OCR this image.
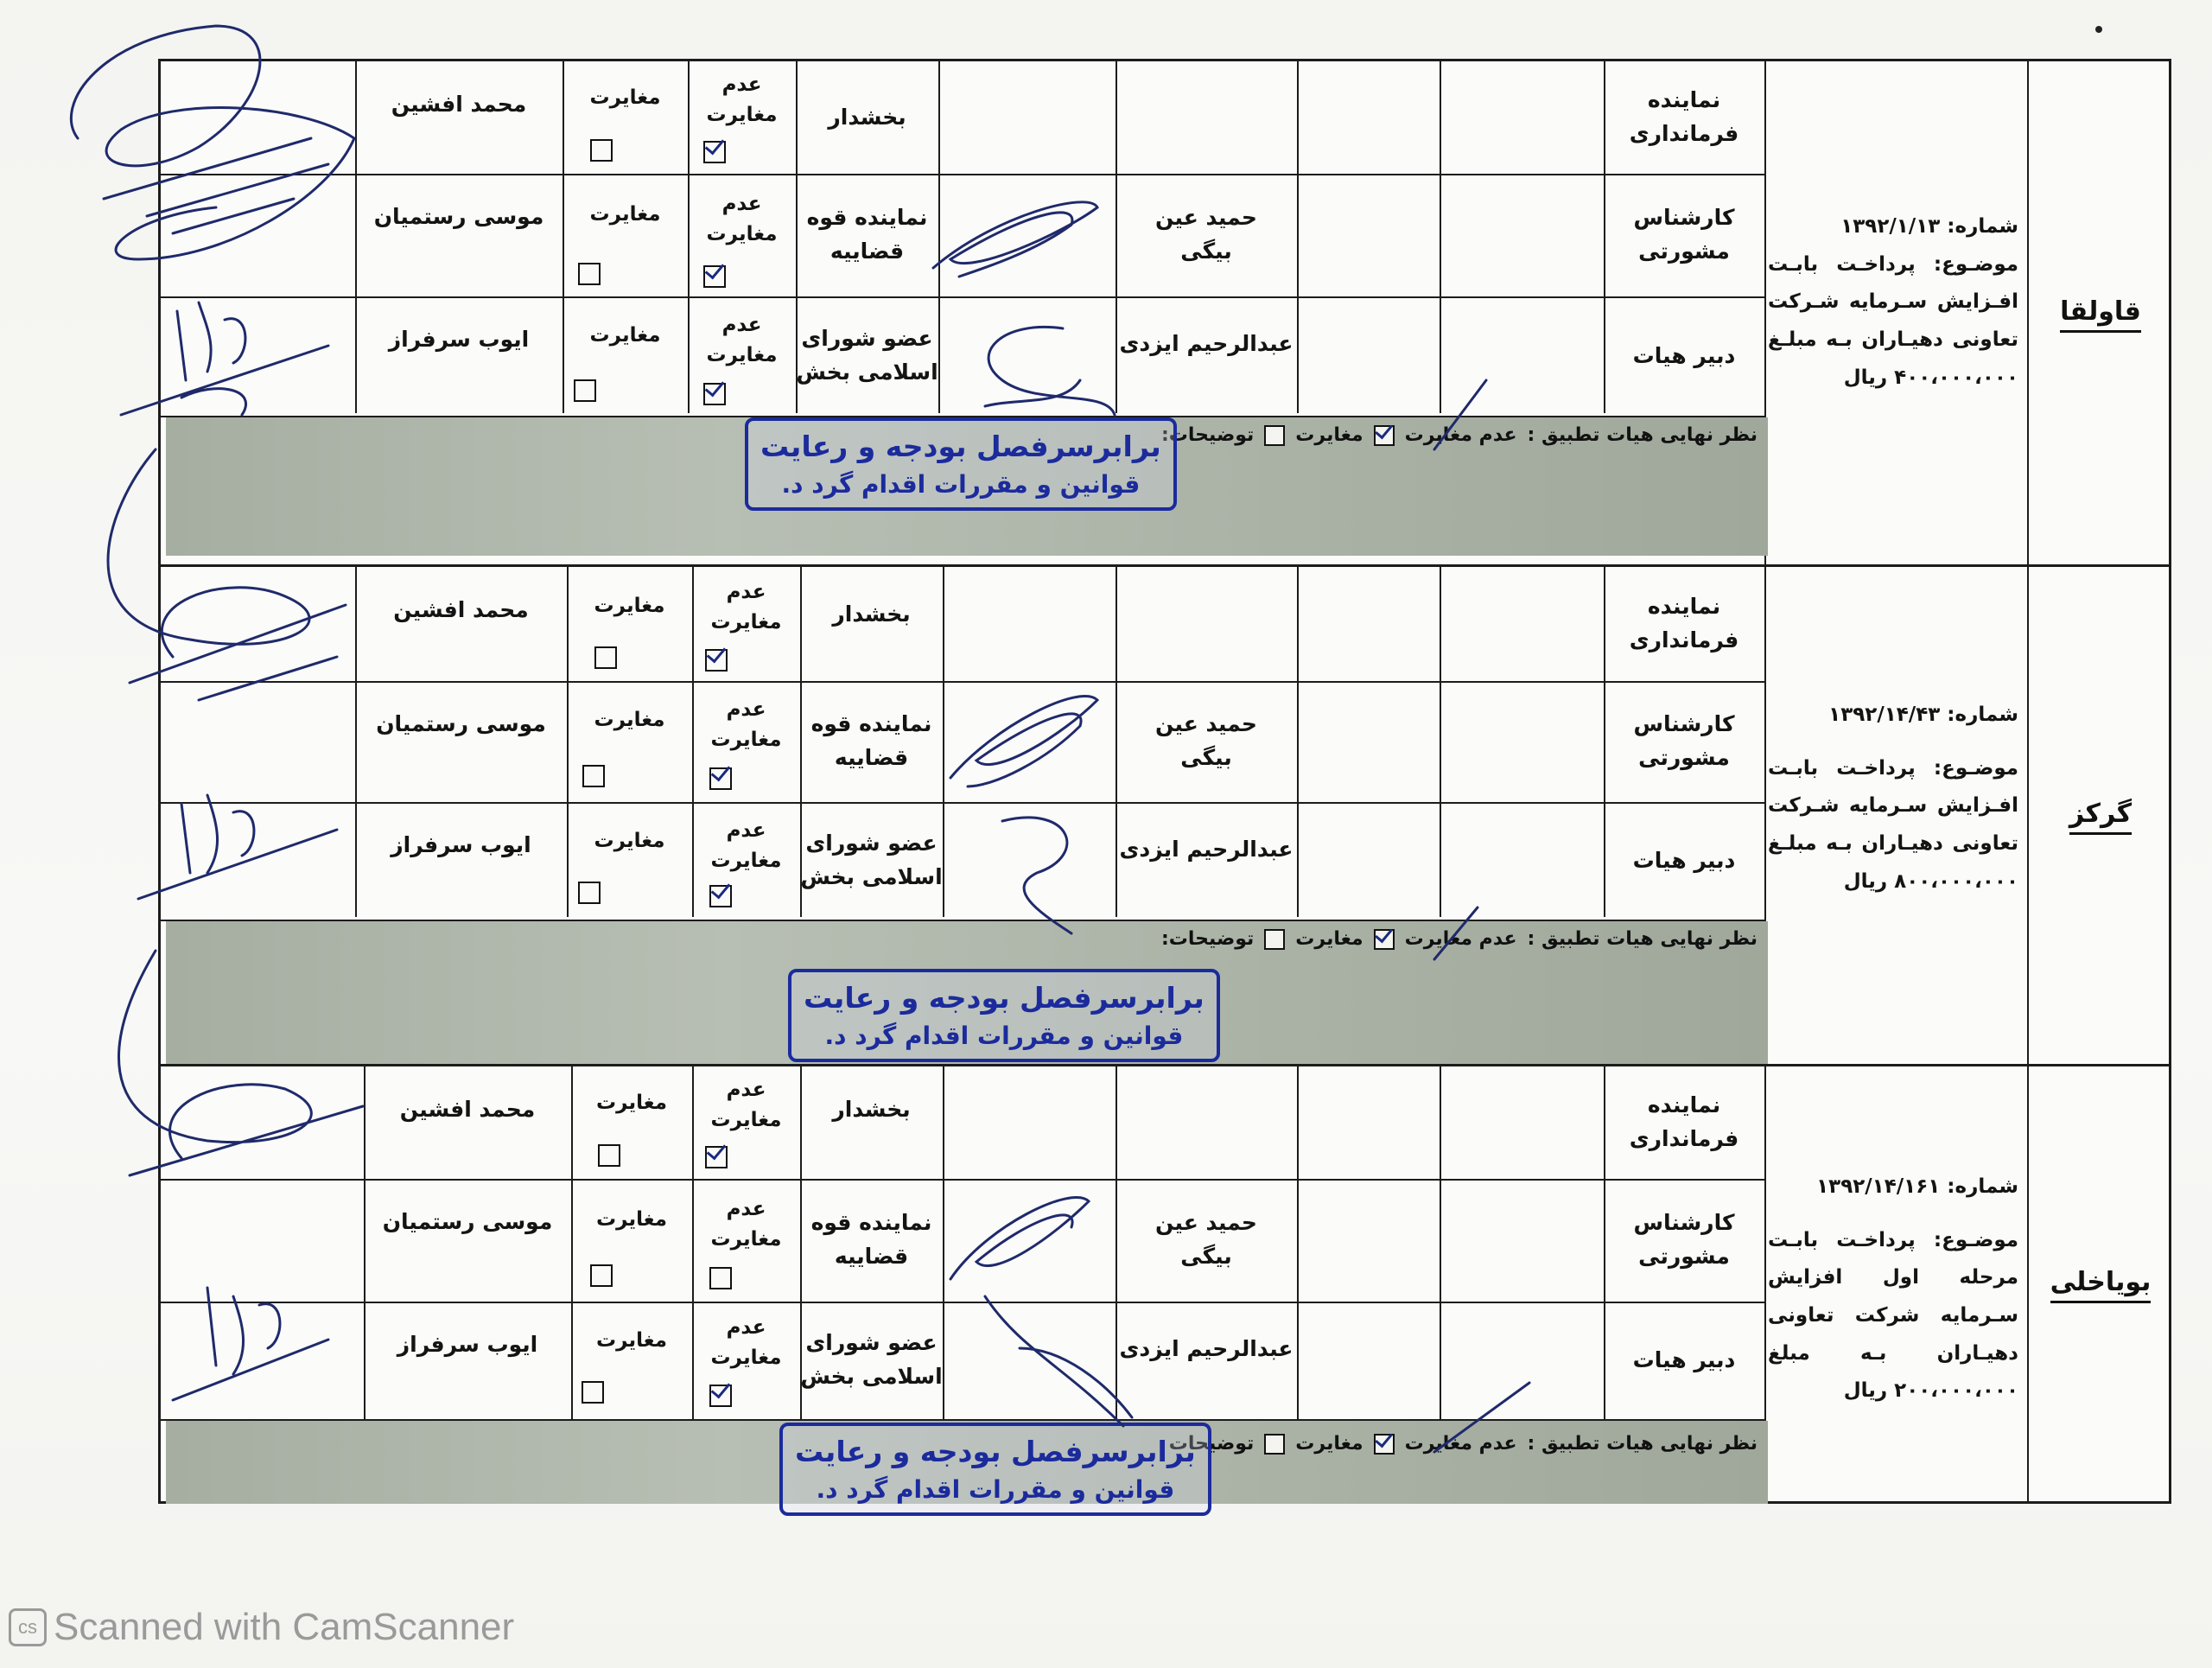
قاولقا

شماره: ۱۳۹۲/۱/۱۳

موضـوع: پرداخـت بابـت افـزایش سـرمایه شـرکت تعاونی دهیـاران بـه مبلـغ ۴۰۰،۰۰۰،۰۰۰ ریال

نماینده
فرمانداری
بخشدار
عدم
مغایرت
مغایرت
محمد افشین
کارشناس
مشورتی
حمید عین
بیگی
نماینده قوه
قضاییه
عدم
مغایرت
مغایرت
موسی رستمیان
دبیر هیات
عبدالرحیم ایزدی
عضو شورای
اسلامی بخش
عدم
مغایرت
مغایرت
ایوب سرفراز
نظر نهایی هیات تطبیق :
عدم مغایرت
مغایرت
توضیحات:
برابرسرفصل بودجه و رعایت
قوانین و مقررات اقدام گرد د.
گرکز

شماره: ۱۳۹۲/۱۴/۴۳

موضـوع: پرداخـت بابـت افـزایش سـرمایه شـرکت تعاونی دهیـاران بـه مبلـغ ۸۰۰،۰۰۰،۰۰۰ ریال

نماینده
فرمانداری
بخشدار
عدم
مغایرت
مغایرت
محمد افشین
کارشناس
مشورتی
حمید عین
بیگی
نماینده قوه
قضاییه
عدم
مغایرت
مغایرت
موسی رستمیان
دبیر هیات
عبدالرحیم ایزدی
عضو شورای
اسلامی بخش
عدم
مغایرت
مغایرت
ایوب سرفراز
نظر نهایی هیات تطبیق :
عدم مغایرت
مغایرت
توضیحات:
برابرسرفصل بودجه و رعایت
قوانین و مقررات اقدام گرد د.
بویاخلی

شماره: ۱۳۹۲/۱۴/۱۶۱

موضـوع: پرداخـت بابـت مرحله اول افزایش سـرمایه شرکت تعاونی دهیـاران بـه مبلغ ۲۰۰،۰۰۰،۰۰۰ ریال

نماینده
فرمانداری
بخشدار
عدم
مغایرت
مغایرت
محمد افشین
کارشناس
مشورتی
حمید عین
بیگی
نماینده قوه
قضاییه
عدم
مغایرت
مغایرت
موسی رستمیان
دبیر هیات
عبدالرحیم ایزدی
عضو شورای
اسلامی بخش
عدم
مغایرت
مغایرت
ایوب سرفراز
نظر نهایی هیات تطبیق :
عدم مغایرت
مغایرت
توضیحات
برابرسرفصل بودجه و رعایت
قوانین و مقررات اقدام گرد د.
cs Scanned with CamScanner
